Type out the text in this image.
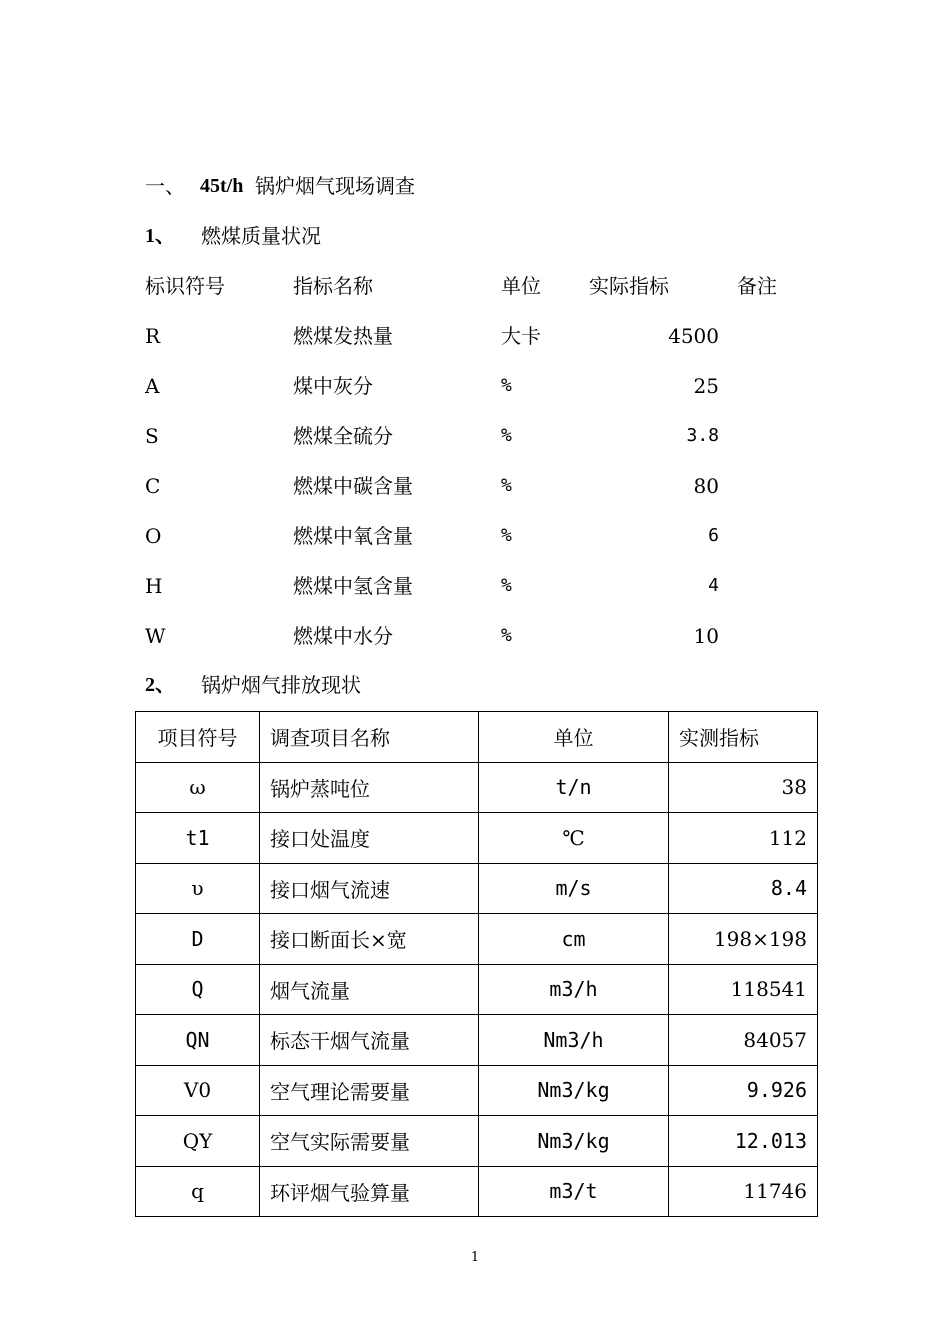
一、 45t/h 锅炉烟气现场调查
1、 燃煤质量状况
标识符号	指标名称	单位 实际指标	备注
R	燃煤发热量	大卡	4500
A	煤中灰分	%	25
S	燃煤全硫分	%	3.8
C	燃煤中碳含量	%	80
O	燃煤中氧含量	%	6
H	燃煤中氢含量	%	4
W	燃煤中水分	%	10
2、 锅炉烟气排放现状
项目符号	调查项目名称	单位	实测指标
ω	锅炉蒸吨位	t/n	38
t1	接口处温度	℃	112
υ	接口烟气流速	m/s	8.4
D	接口断面长×宽	cm	198×198
Q	烟气流量	m3/h	118541
QN	标态干烟气流量	Nm3/h	84057
V0	空气理论需要量	Nm3/kg	9.926
QY	空气实际需要量	Nm3/kg	12.013
q	环评烟气验算量	m3/t	11746
1
